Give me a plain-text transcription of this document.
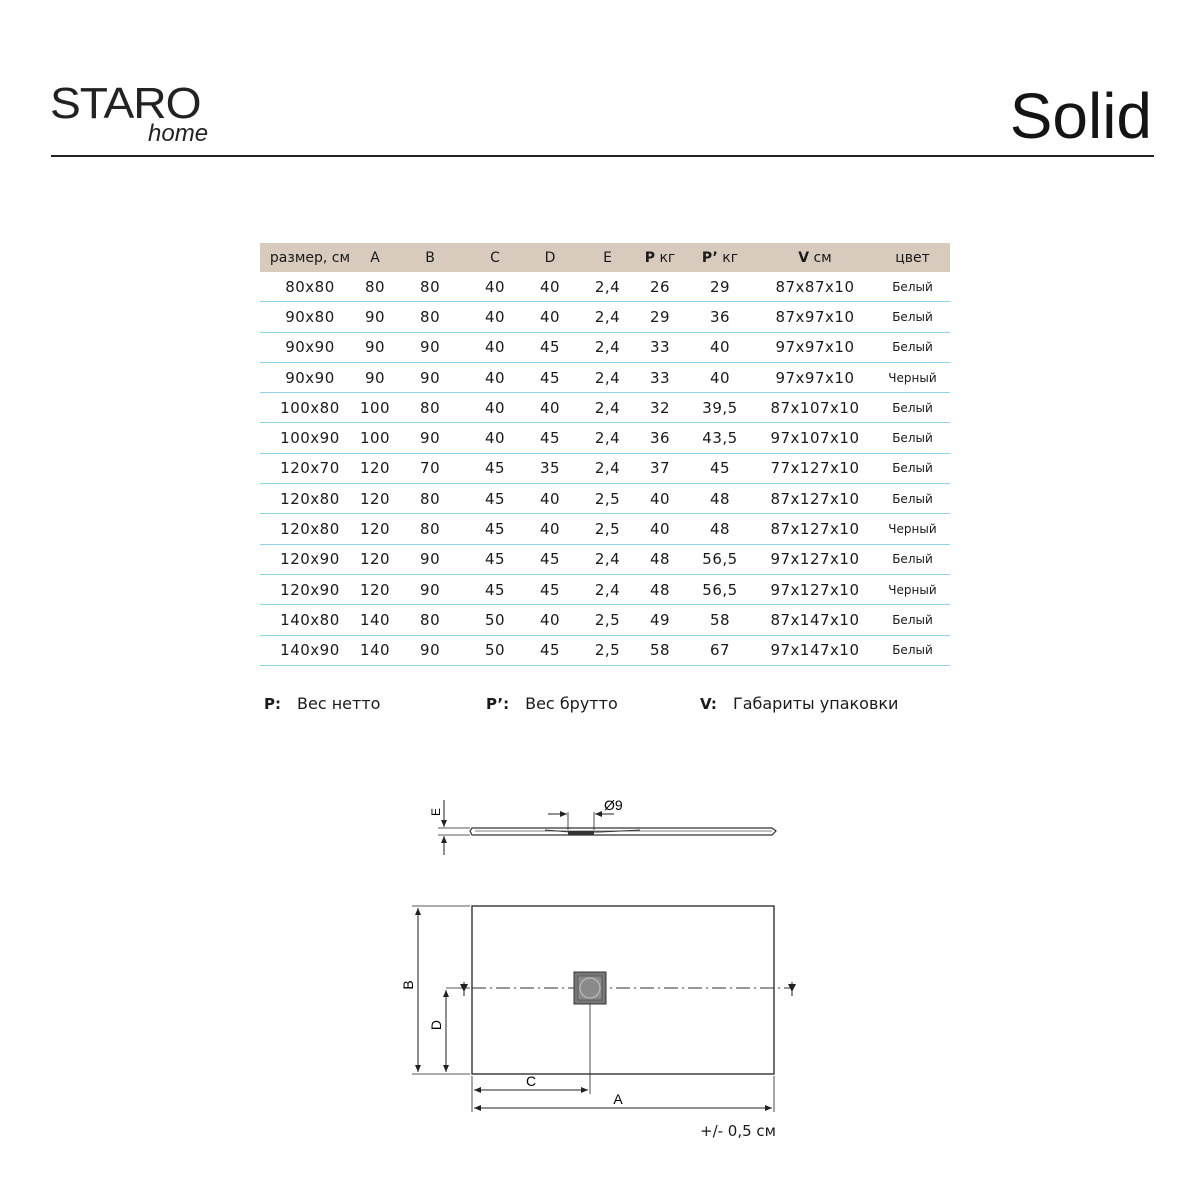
STARO
home	Solid
размер, см	A	B	C	D	E	P кг	P’ кг	V см	цвет
80x80	80	80	40	40	2,4	26	29	87x87x10	Белый
90x80	90	80	40	40	2,4	29	36	87x97x10	Белый
90x90	90	90	40	45	2,4	33	40	97x97x10	Белый
90x90	90	90	40	45	2,4	33	40	97x97x10	Черный
100x80	100	80	40	40	2,4	32	39,5	87x107x10	Белый
100x90	100	90	40	45	2,4	36	43,5	97x107x10	Белый
120x70	120	70	45	35	2,4	37	45	77x127x10	Белый
120x80	120	80	45	40	2,5	40	48	87x127x10	Белый
120x80	120	80	45	40	2,5	40	48	87x127x10	Черный
120x90	120	90	45	45	2,4	48	56,5	97x127x10	Белый
120x90	120	90	45	45	2,4	48	56,5	97x127x10	Черный
140x80	140	80	50	40	2,5	49	58	87x147x10	Белый
140x90	140	90	50	45	2,5	58	67	97x147x10	Белый
P: Вес нетто	P’: Вес брутто	V: Габариты упаковки
E	Ø9
B
D
C
A
+/- 0,5 см
